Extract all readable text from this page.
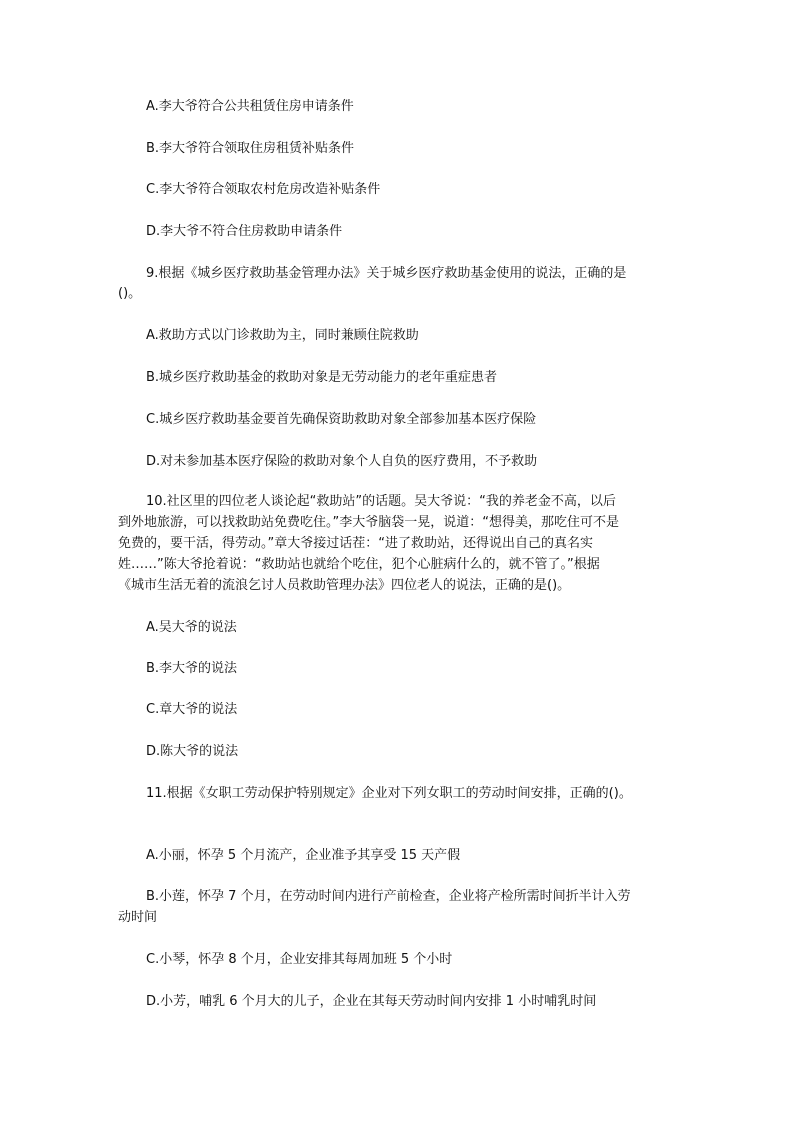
A.李大爷符合公共租赁住房申请条件
B.李大爷符合领取住房租赁补贴条件
C.李大爷符合领取农村危房改造补贴条件
D.李大爷不符合住房救助申请条件
9.根据《城乡医疗救助基金管理办法》关于城乡医疗救助基金使用的说法，正确的是
()。
A.救助方式以门诊救助为主，同时兼顾住院救助
B.城乡医疗救助基金的救助对象是无劳动能力的老年重症患者
C.城乡医疗救助基金要首先确保资助救助对象全部参加基本医疗保险
D.对未参加基本医疗保险的救助对象个人自负的医疗费用，不予救助
10.社区里的四位老人谈论起“救助站”的话题。吴大爷说：“我的养老金不高，以后
到外地旅游，可以找救助站免费吃住。”李大爷脑袋一晃，说道：“想得美，那吃住可不是
免费的，要干活，得劳动。”章大爷接过话茬：“进了救助站，还得说出自己的真名实
姓……”陈大爷抢着说：“救助站也就给个吃住，犯个心脏病什么的，就不管了。”根据
《城市生活无着的流浪乞讨人员救助管理办法》四位老人的说法，正确的是()。
A.吴大爷的说法
B.李大爷的说法
C.章大爷的说法
D.陈大爷的说法
11.根据《女职工劳动保护特别规定》企业对下列女职工的劳动时间安排，正确的()。
A.小丽，怀孕 5 个月流产，企业准予其享受 15 天产假
B.小莲，怀孕 7 个月，在劳动时间内进行产前检查，企业将产检所需时间折半计入劳
动时间
C.小琴，怀孕 8 个月，企业安排其每周加班 5 个小时
D.小芳，哺乳 6 个月大的儿子，企业在其每天劳动时间内安排 1 小时哺乳时间
